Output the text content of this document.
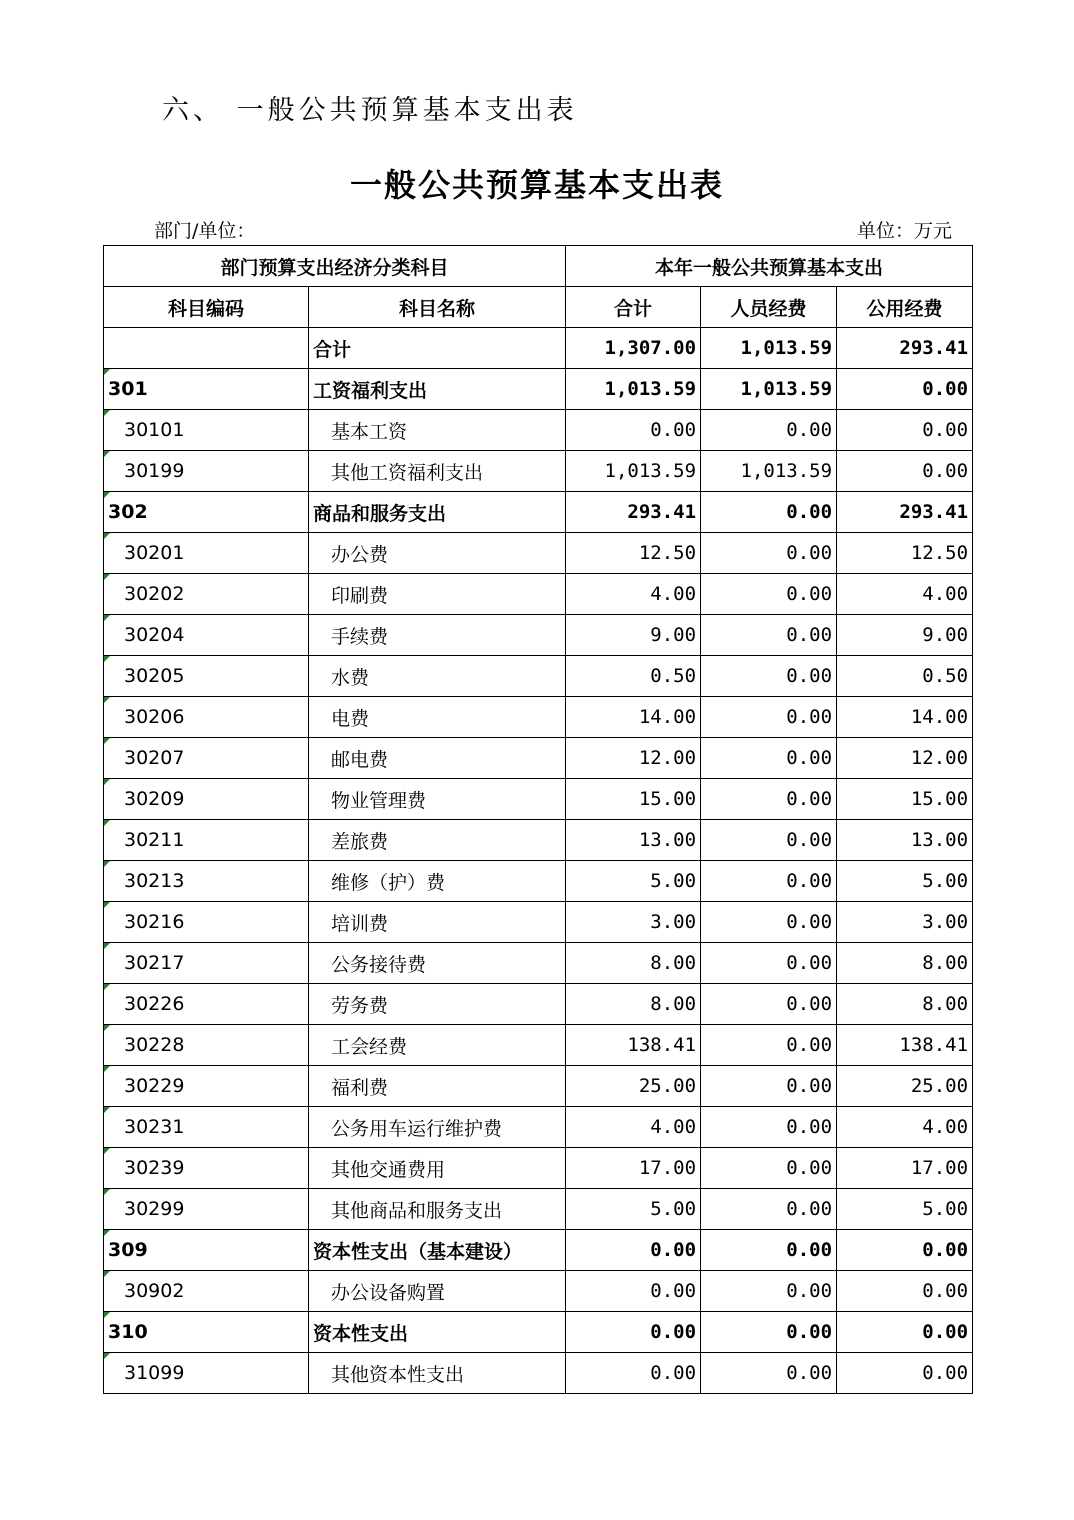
六、 一般公共预算基本支出表
一般公共预算基本支出表
部门/单位：	单位：万元
部门预算支出经济分类科目		本年一般公共预算基本支出		
科目编码	科目名称	合计	人员经费	公用经费
	合计	1,307.00	1,013.59	293.41
301	工资福利支出	1,013.59	1,013.59	0.00
30101	基本工资	0.00	0.00	0.00
30199	其他工资福利支出	1,013.59	1,013.59	0.00
302	商品和服务支出	293.41	0.00	293.41
30201	办公费	12.50	0.00	12.50
30202	印刷费	4.00	0.00	4.00
30204	手续费	9.00	0.00	9.00
30205	水费	0.50	0.00	0.50
30206	电费	14.00	0.00	14.00
30207	邮电费	12.00	0.00	12.00
30209	物业管理费	15.00	0.00	15.00
30211	差旅费	13.00	0.00	13.00
30213	维修（护）费	5.00	0.00	5.00
30216	培训费	3.00	0.00	3.00
30217	公务接待费	8.00	0.00	8.00
30226	劳务费	8.00	0.00	8.00
30228	工会经费	138.41	0.00	138.41
30229	福利费	25.00	0.00	25.00
30231	公务用车运行维护费	4.00	0.00	4.00
30239	其他交通费用	17.00	0.00	17.00
30299	其他商品和服务支出	5.00	0.00	5.00
309	资本性支出（基本建设）	0.00	0.00	0.00
30902	办公设备购置	0.00	0.00	0.00
310	资本性支出	0.00	0.00	0.00
31099	其他资本性支出	0.00	0.00	0.00
